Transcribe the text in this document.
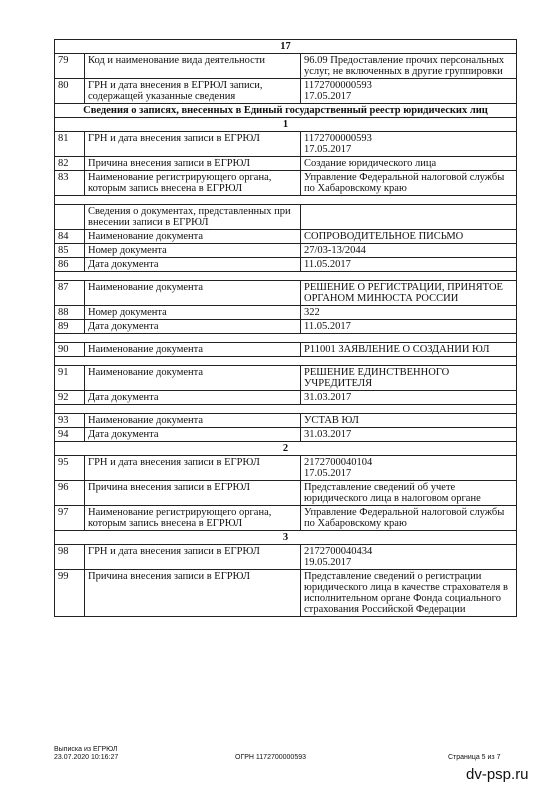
17		
79	Код и наименование вида деятельности	96.09 Предоставление прочих персональных услуг, не включенных в другие группировки
80	ГРН и дата внесения в ЕГРЮЛ записи, содержащей указанные сведения	1172700000593
17.05.2017

Сведения о записях, внесенных в Единый государственный реестр юридических лиц		
1		
81	ГРН и дата внесения записи в ЕГРЮЛ	1172700000593
17.05.2017

82	Причина внесения записи в ЕГРЮЛ	Создание юридического лица
83	Наименование регистрирующего органа, которым запись внесена в ЕГРЮЛ	Управление Федеральной налоговой службы по Хабаровскому краю

	Сведения о документах, представленных при внесении записи в ЕГРЮЛ	
84	Наименование документа	СОПРОВОДИТЕЛЬНОЕ ПИСЬМО
85	Номер документа	27/03-13/2044
86	Дата документа	11.05.2017

87	Наименование документа	РЕШЕНИЕ О РЕГИСТРАЦИИ, ПРИНЯТОЕ ОРГАНОМ МИНЮСТА РОССИИ
88	Номер документа	322
89	Дата документа	11.05.2017

90	Наименование документа	Р11001 ЗАЯВЛЕНИЕ О СОЗДАНИИ ЮЛ

91	Наименование документа	РЕШЕНИЕ ЕДИНСТВЕННОГО УЧРЕДИТЕЛЯ
92	Дата документа	31.03.2017

93	Наименование документа	УСТАВ ЮЛ
94	Дата документа	31.03.2017
2		
95	ГРН и дата внесения записи в ЕГРЮЛ	2172700040104
17.05.2017

96	Причина внесения записи в ЕГРЮЛ	Представление сведений об учете юридического лица в налоговом органе
97	Наименование регистрирующего органа, которым запись внесена в ЕГРЮЛ	Управление Федеральной налоговой службы по Хабаровскому краю
3		
98	ГРН и дата внесения записи в ЕГРЮЛ	2172700040434
19.05.2017

99	Причина внесения записи в ЕГРЮЛ	Представление сведений о регистрации юридического лица в качестве страхователя в исполнительном органе Фонда социального страхования Российской Федерации
Выписка из ЕГРЮЛ
23.07.2020 10:16:27	ОГРН 1172700000593	Страница 5 из 7
dv-psp.ru
